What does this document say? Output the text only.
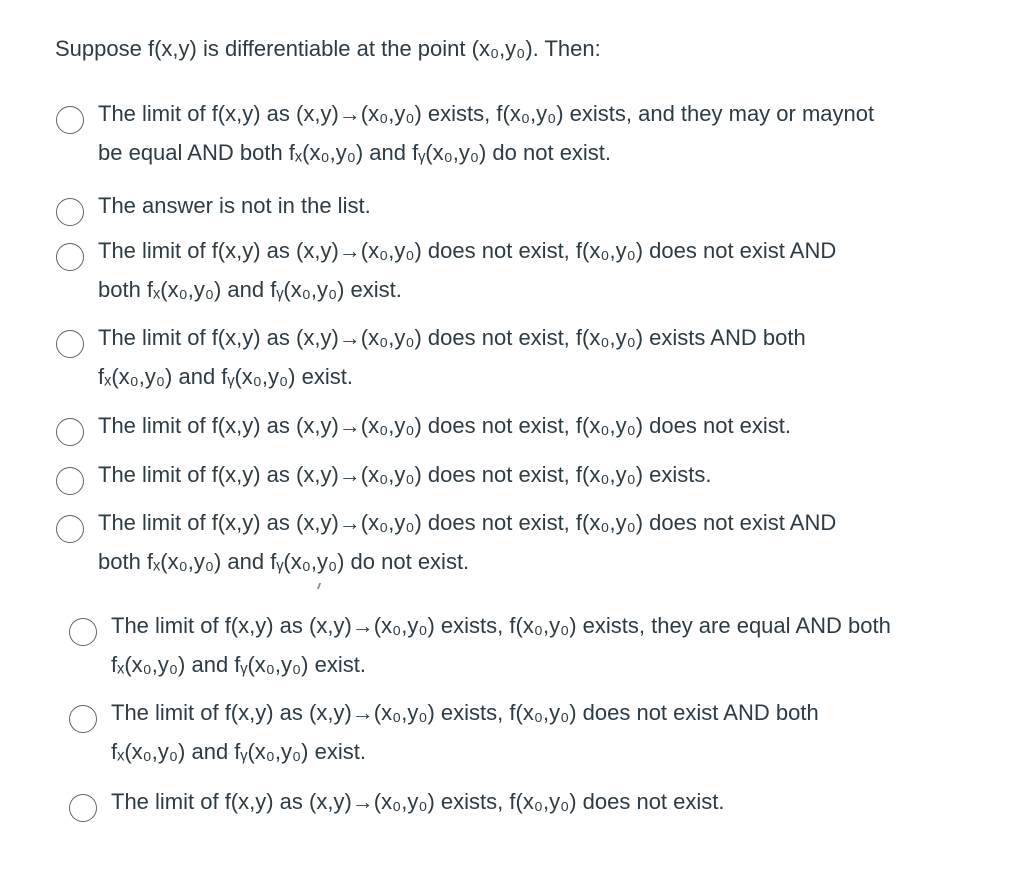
Suppose f(x,y) is differentiable at the point (x₀,y₀). Then:
The limit of f(x,y) as (x,y)→(x₀,y₀) exists, f(x₀,y₀) exists, and they may or maynot
be equal AND both fₓ(x₀,y₀) and fᵧ(x₀,y₀) do not exist.
The answer is not in the list.
The limit of f(x,y) as (x,y)→(x₀,y₀) does not exist, f(x₀,y₀) does not exist AND
both fₓ(x₀,y₀) and fᵧ(x₀,y₀) exist.
The limit of f(x,y) as (x,y)→(x₀,y₀) does not exist, f(x₀,y₀) exists AND both
fₓ(x₀,y₀) and fᵧ(x₀,y₀) exist.
The limit of f(x,y) as (x,y)→(x₀,y₀) does not exist, f(x₀,y₀) does not exist.
The limit of f(x,y) as (x,y)→(x₀,y₀) does not exist, f(x₀,y₀) exists.
The limit of f(x,y) as (x,y)→(x₀,y₀) does not exist, f(x₀,y₀) does not exist AND
both fₓ(x₀,y₀) and fᵧ(x₀,y₀) do not exist.
The limit of f(x,y) as (x,y)→(x₀,y₀) exists, f(x₀,y₀) exists, they are equal AND both
fₓ(x₀,y₀) and fᵧ(x₀,y₀) exist.
The limit of f(x,y) as (x,y)→(x₀,y₀) exists, f(x₀,y₀) does not exist AND both
fₓ(x₀,y₀) and fᵧ(x₀,y₀) exist.
The limit of f(x,y) as (x,y)→(x₀,y₀) exists, f(x₀,y₀) does not exist.
